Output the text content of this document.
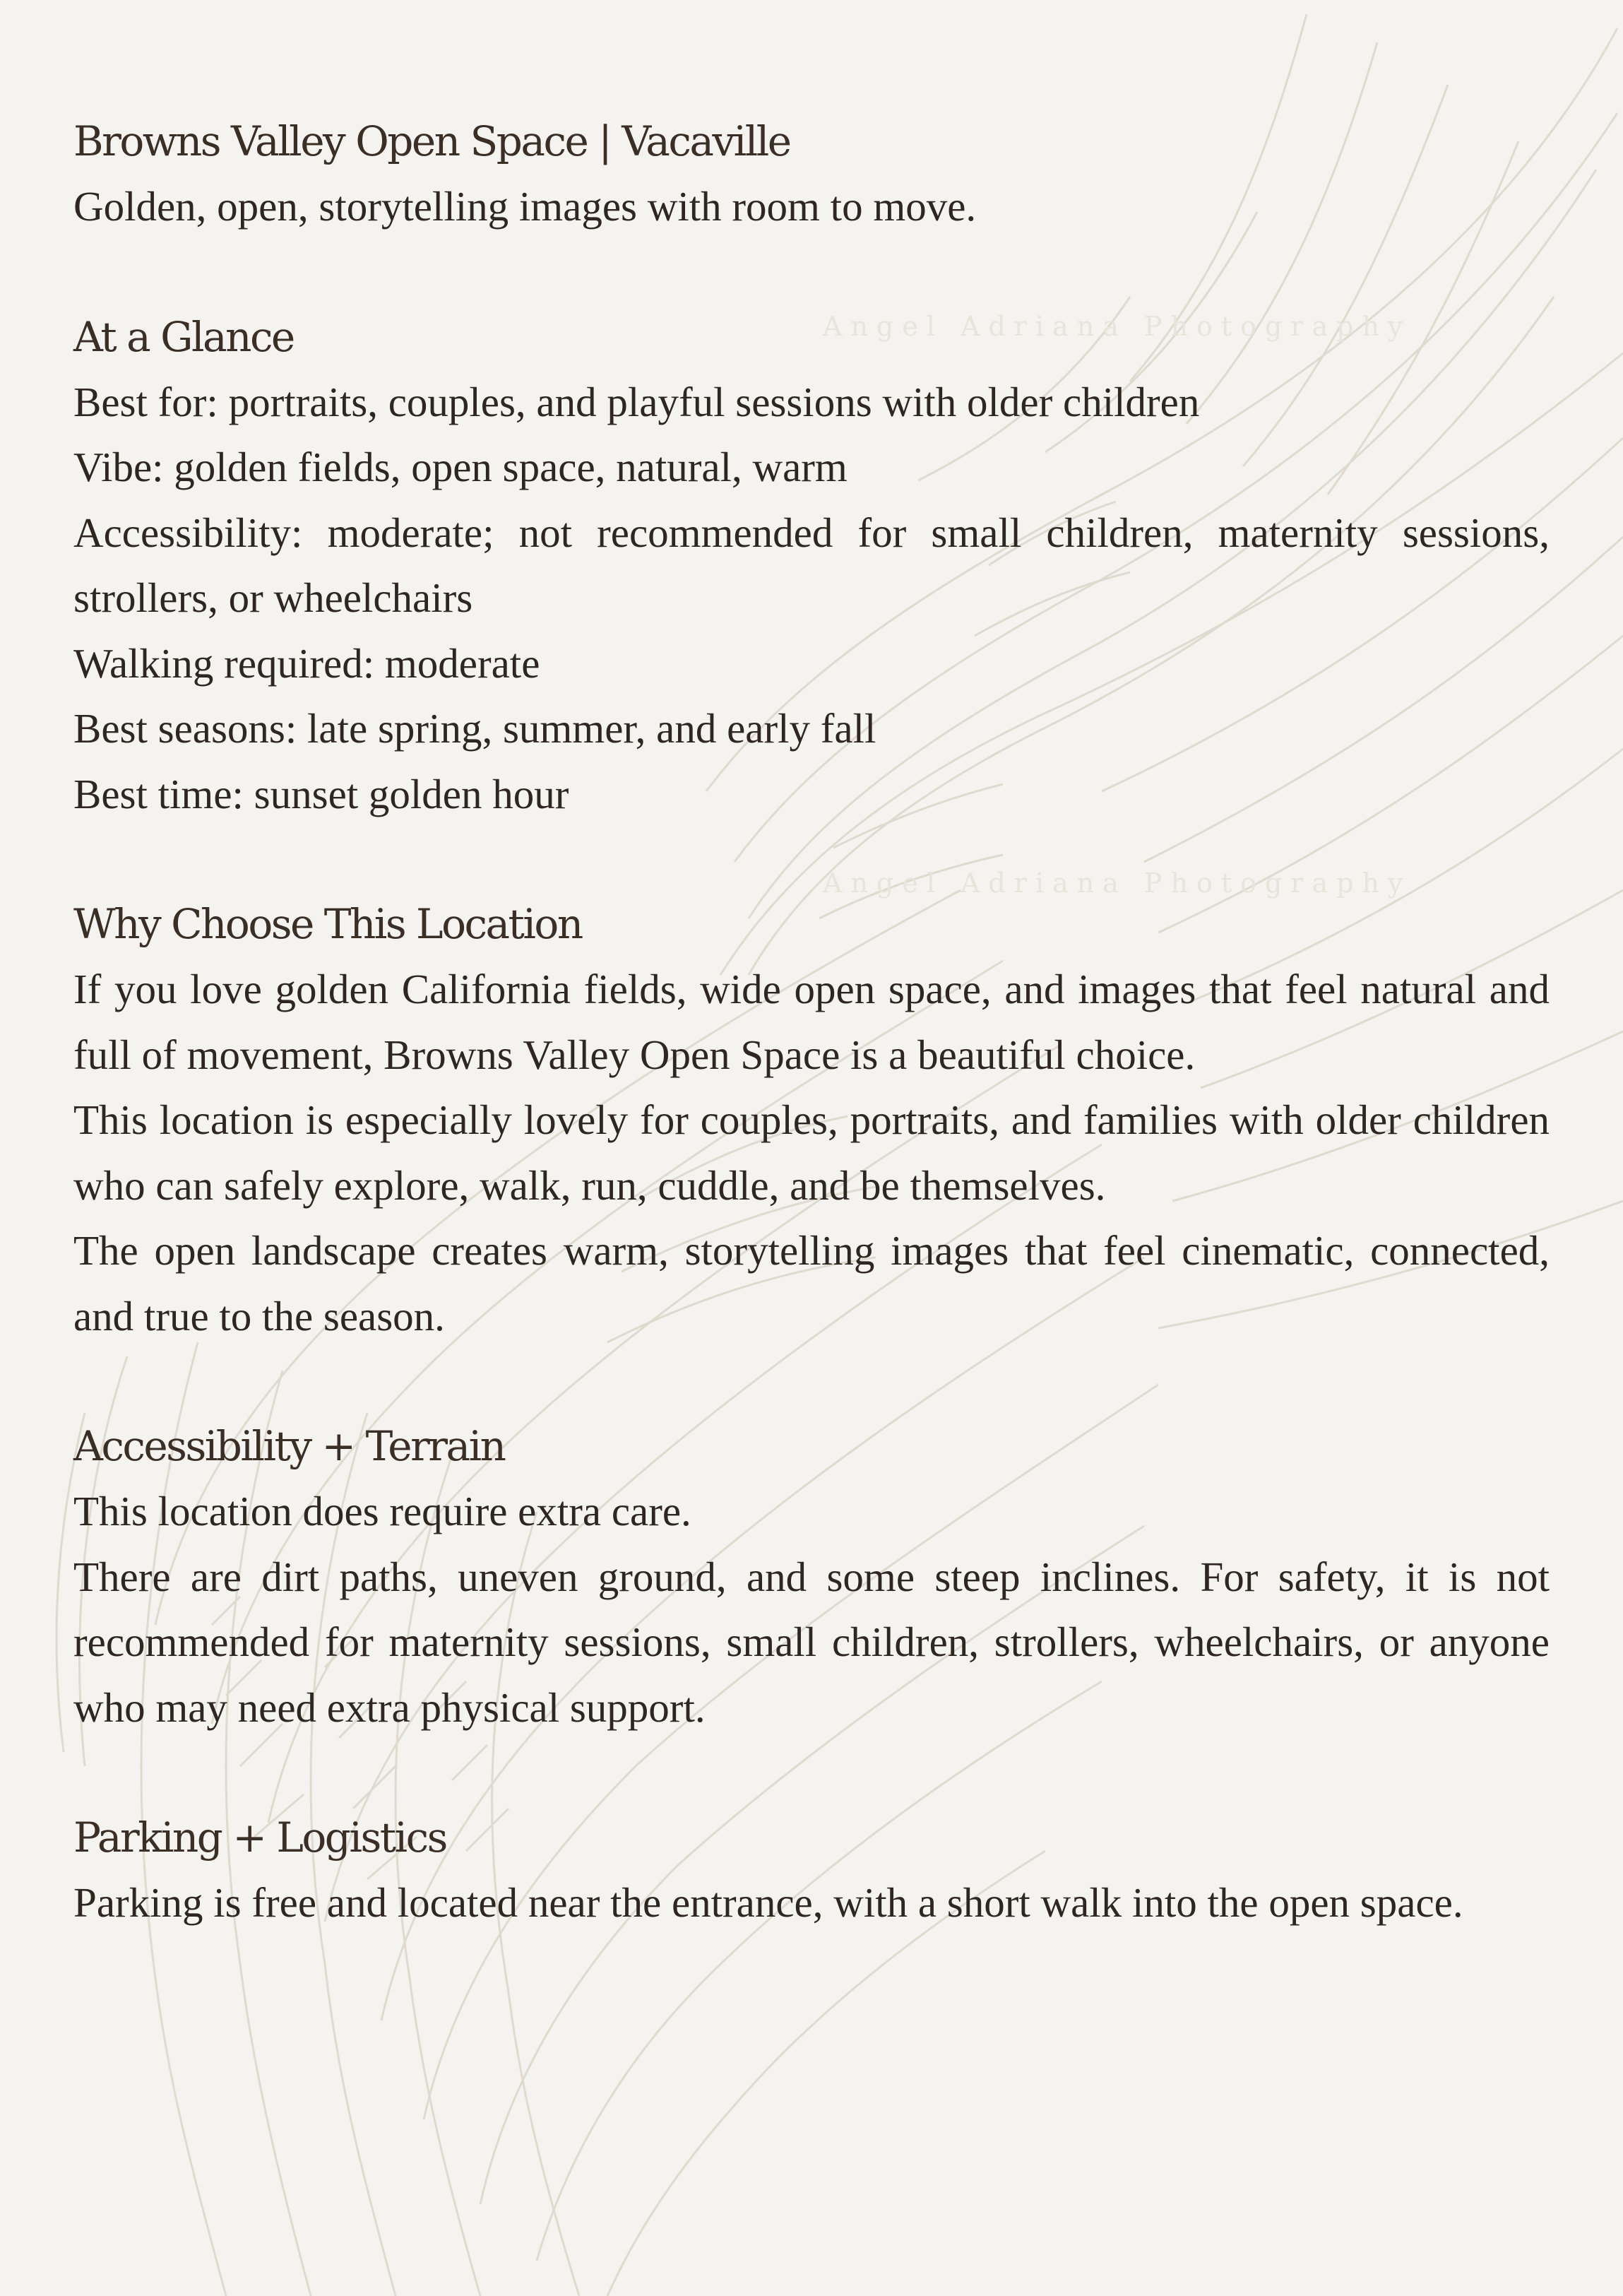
Angel Adriana Photography
Angel Adriana Photography
Browns Valley Open Space | Vacaville

Golden, open, storytelling images with room to move.

At a Glance

Best for: portraits, couples, and playful sessions with older children

Vibe: golden fields, open space, natural, warm

Accessibility: moderate; not recommended for small children, maternity sessions, strollers, or wheelchairs

Walking required: moderate

Best seasons: late spring, summer, and early fall

Best time: sunset golden hour

Why Choose This Location

If you love golden California fields, wide open space, and images that feel natural and full of movement, Browns Valley Open Space is a beautiful choice.

This location is especially lovely for couples, portraits, and families with older children who can safely explore, walk, run, cuddle, and be themselves.

The open landscape creates warm, storytelling images that feel cinematic, connected, and true to the season.

Accessibility + Terrain

This location does require extra care.

There are dirt paths, uneven ground, and some steep inclines. For safety, it is not recommended for maternity sessions, small children, strollers, wheelchairs, or anyone who may need extra physical support.

Parking + Logistics

Parking is free and located near the entrance, with a short walk into the open space.
